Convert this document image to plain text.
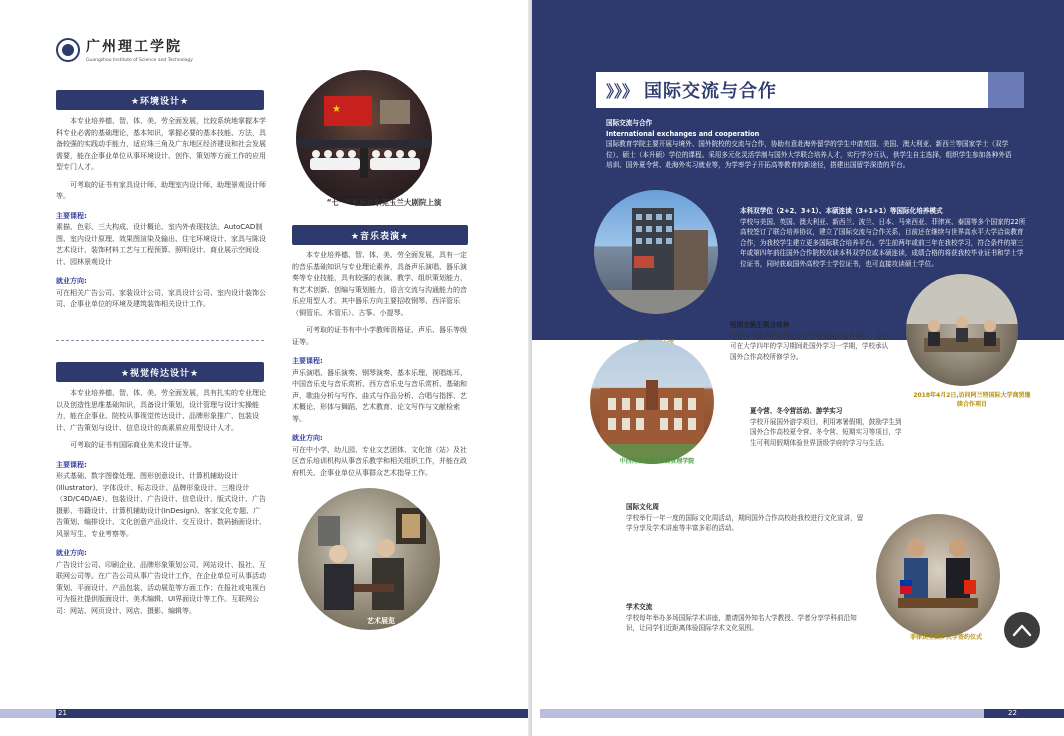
广州理工学院
Guangzhou Institute of Science and Technology
★环境设计★

本专业培养德、智、体、美、劳全面发展，比较系统地掌握本学科专业必需的基础理论，基本知识，掌握必要的基本技能、方法，具备较强的实践动手能力，适应珠三角及广东地区经济建设和社会发展需要，能在企事业单位从事环境设计、创作、策划等方面工作的应用型专门人才。

可考取的证书有家具设计师、助理室内设计师、助理景观设计师等。

主要课程:

素描、色彩、三大构成、设计概论、室内外表现技法、AutoCAD制图、室内设计原理、效果图渲染及输出、住宅环境设计、家具与陈设艺术设计、装饰材料工艺与工程预算、照明设计、商业展示空间设计、园林景观设计

就业方向:

可在相关广告公司、家装设计公司、家具设计公司、室内设计装饰公司、企事业单位的环境及建筑装饰相关设计工作。

★视觉传达设计★

本专业培养德、智、体、美、劳全面发展，具有扎实的专业理论以及创造性思维基础知识，具备设计策划，设计管理与设计实操能力，能在企事业、院校从事视觉传达设计、品牌形象推广、包装设计、广告策划与设计、信息设计的高素质应用型设计人才。

可考取的证书有国际商业美术设计证等。

主要课程:

形式基础、数字图像处理、图形创意设计、计算机辅助设计(Illustrator)、字体设计、标志设计、品牌形象设计、三维设计（3D/C4D/AE）、包装设计、广告设计、信息设计、版式设计、广告摄影、书籍设计、计算机辅助设计(InDesign)、客家文化专题、广告策划、编排设计、文化创意产品设计、交互设计、数码插画设计、风景写生、专业考察等。

就业方向:

广告设计公司、印刷企业、品牌形象策划公司、网站设计、报社、互联网公司等。在广告公司从事广告设计工作，在企业单位可从事活动策划、平面设计、产品包装、活动展览等方面工作；在报社或电视台可为报社提供版面设计、美术编辑、UI界面设计等工作。互联网公司：网站、网页设计、网店、摄影、编辑等。

★
“七一”专场在东莞玉兰大剧院上演
★音乐表演★

本专业培养德、智、体、美、劳全面发展，具有一定的音乐基础知识与专业理论素养，具备声乐演唱、器乐演奏等专业技能，具有较强的表演、教学、组织策划能力，有艺术创新、创编与策划能力，语言交流与沟通能力的音乐应用型人才。其中器乐方向主要招收钢琴、西洋管乐（铜管乐、木管乐）、古筝、小提琴。

可考取的证书有中小学教师资格证、声乐、器乐等级证等。

主要课程:

声乐演唱、器乐演奏、钢琴演奏、基本乐理、视唱练耳、中国音乐史与音乐赏析、西方音乐史与音乐赏析、基础和声、歌曲分析与写作、曲式与作品分析、合唱与指挥、艺术概论、形体与舞蹈、艺术教育、论文写作与文献检索等。

就业方向:

可在中小学、幼儿园、专业文艺团体、文化馆（站）及社区音乐培训机构从事音乐教学和相关组织工作，并能在政府机关、企事业单位从事群众艺术指导工作。

艺术展览
21
》》》 国际交流与合作
国际交流与合作
International exchanges and cooperation
国际教育学院主要开展与境外、国外院校的交流与合作，协助有意赴海外留学的学生申请英国、美国、澳大利亚、新西兰等国家学士（双学位）、硕士（本升硕）学位的课程。采用多元化灵活学制与国外大学联合培养人才，实行学分互认，供学生自主选择，组织学生参加各种外语培训、国外夏令营、赴海外实习就业等，为学率学子开拓高等教育的新途径，搭建出国留学深造的平台。
本科双学位（2+2、3+1）、本硕连读（3+1+1）等国际化培养模式
学校与美国、英国、澳大利亚、新西兰、波兰、日本、马来西亚、菲律宾、泰国等多个国家的22所高校签订了联合培养协议，建立了国际交流与合作关系，目前还在继续与世界高水平大学洽谈教育合作，为我校学生建立更多国际联合培养平台。学生前两年或前三年在我校学习，符合条件的第三年或第四年前往国外合作院校攻读本科双学位或本硕连读，成绩合格的将获我校毕业证书和学士学位证书，同时获取国外高校学士学位证书，也可直接攻读硕士学位。
2018年4月2日,访问阿兰特国际大学商贸继续合作项目
短期交换生联合培养
学校与全球多所名校签订了短期交换生培养协议。学生可在大学四年的学习期间赴国外学习一学期，学校承认国外合作高校所修学分。
中西州立大学-工商管理学院
夏令营、冬令营活动、游学实习
学校开展国外游学项目，利用寒暑假期，鼓励学生到国外合作高校夏令营、冬令营、短期实习等项目，学生可利用假期体验世界顶级学府的学习与生活。
国际文化周
学校举行一年一度的国际文化周活动，期间国外合作高校赴我校进行文化宣讲，留学分享及学术讲座等丰富多彩的活动。
菲律宾圣保罗大学签约仪式
学术交流
学校每年举办多场国际学术讲座，邀请国外知名大学教授、学者分享学科前沿知识，让同学们近距离体验国际学术文化氛围。
22
